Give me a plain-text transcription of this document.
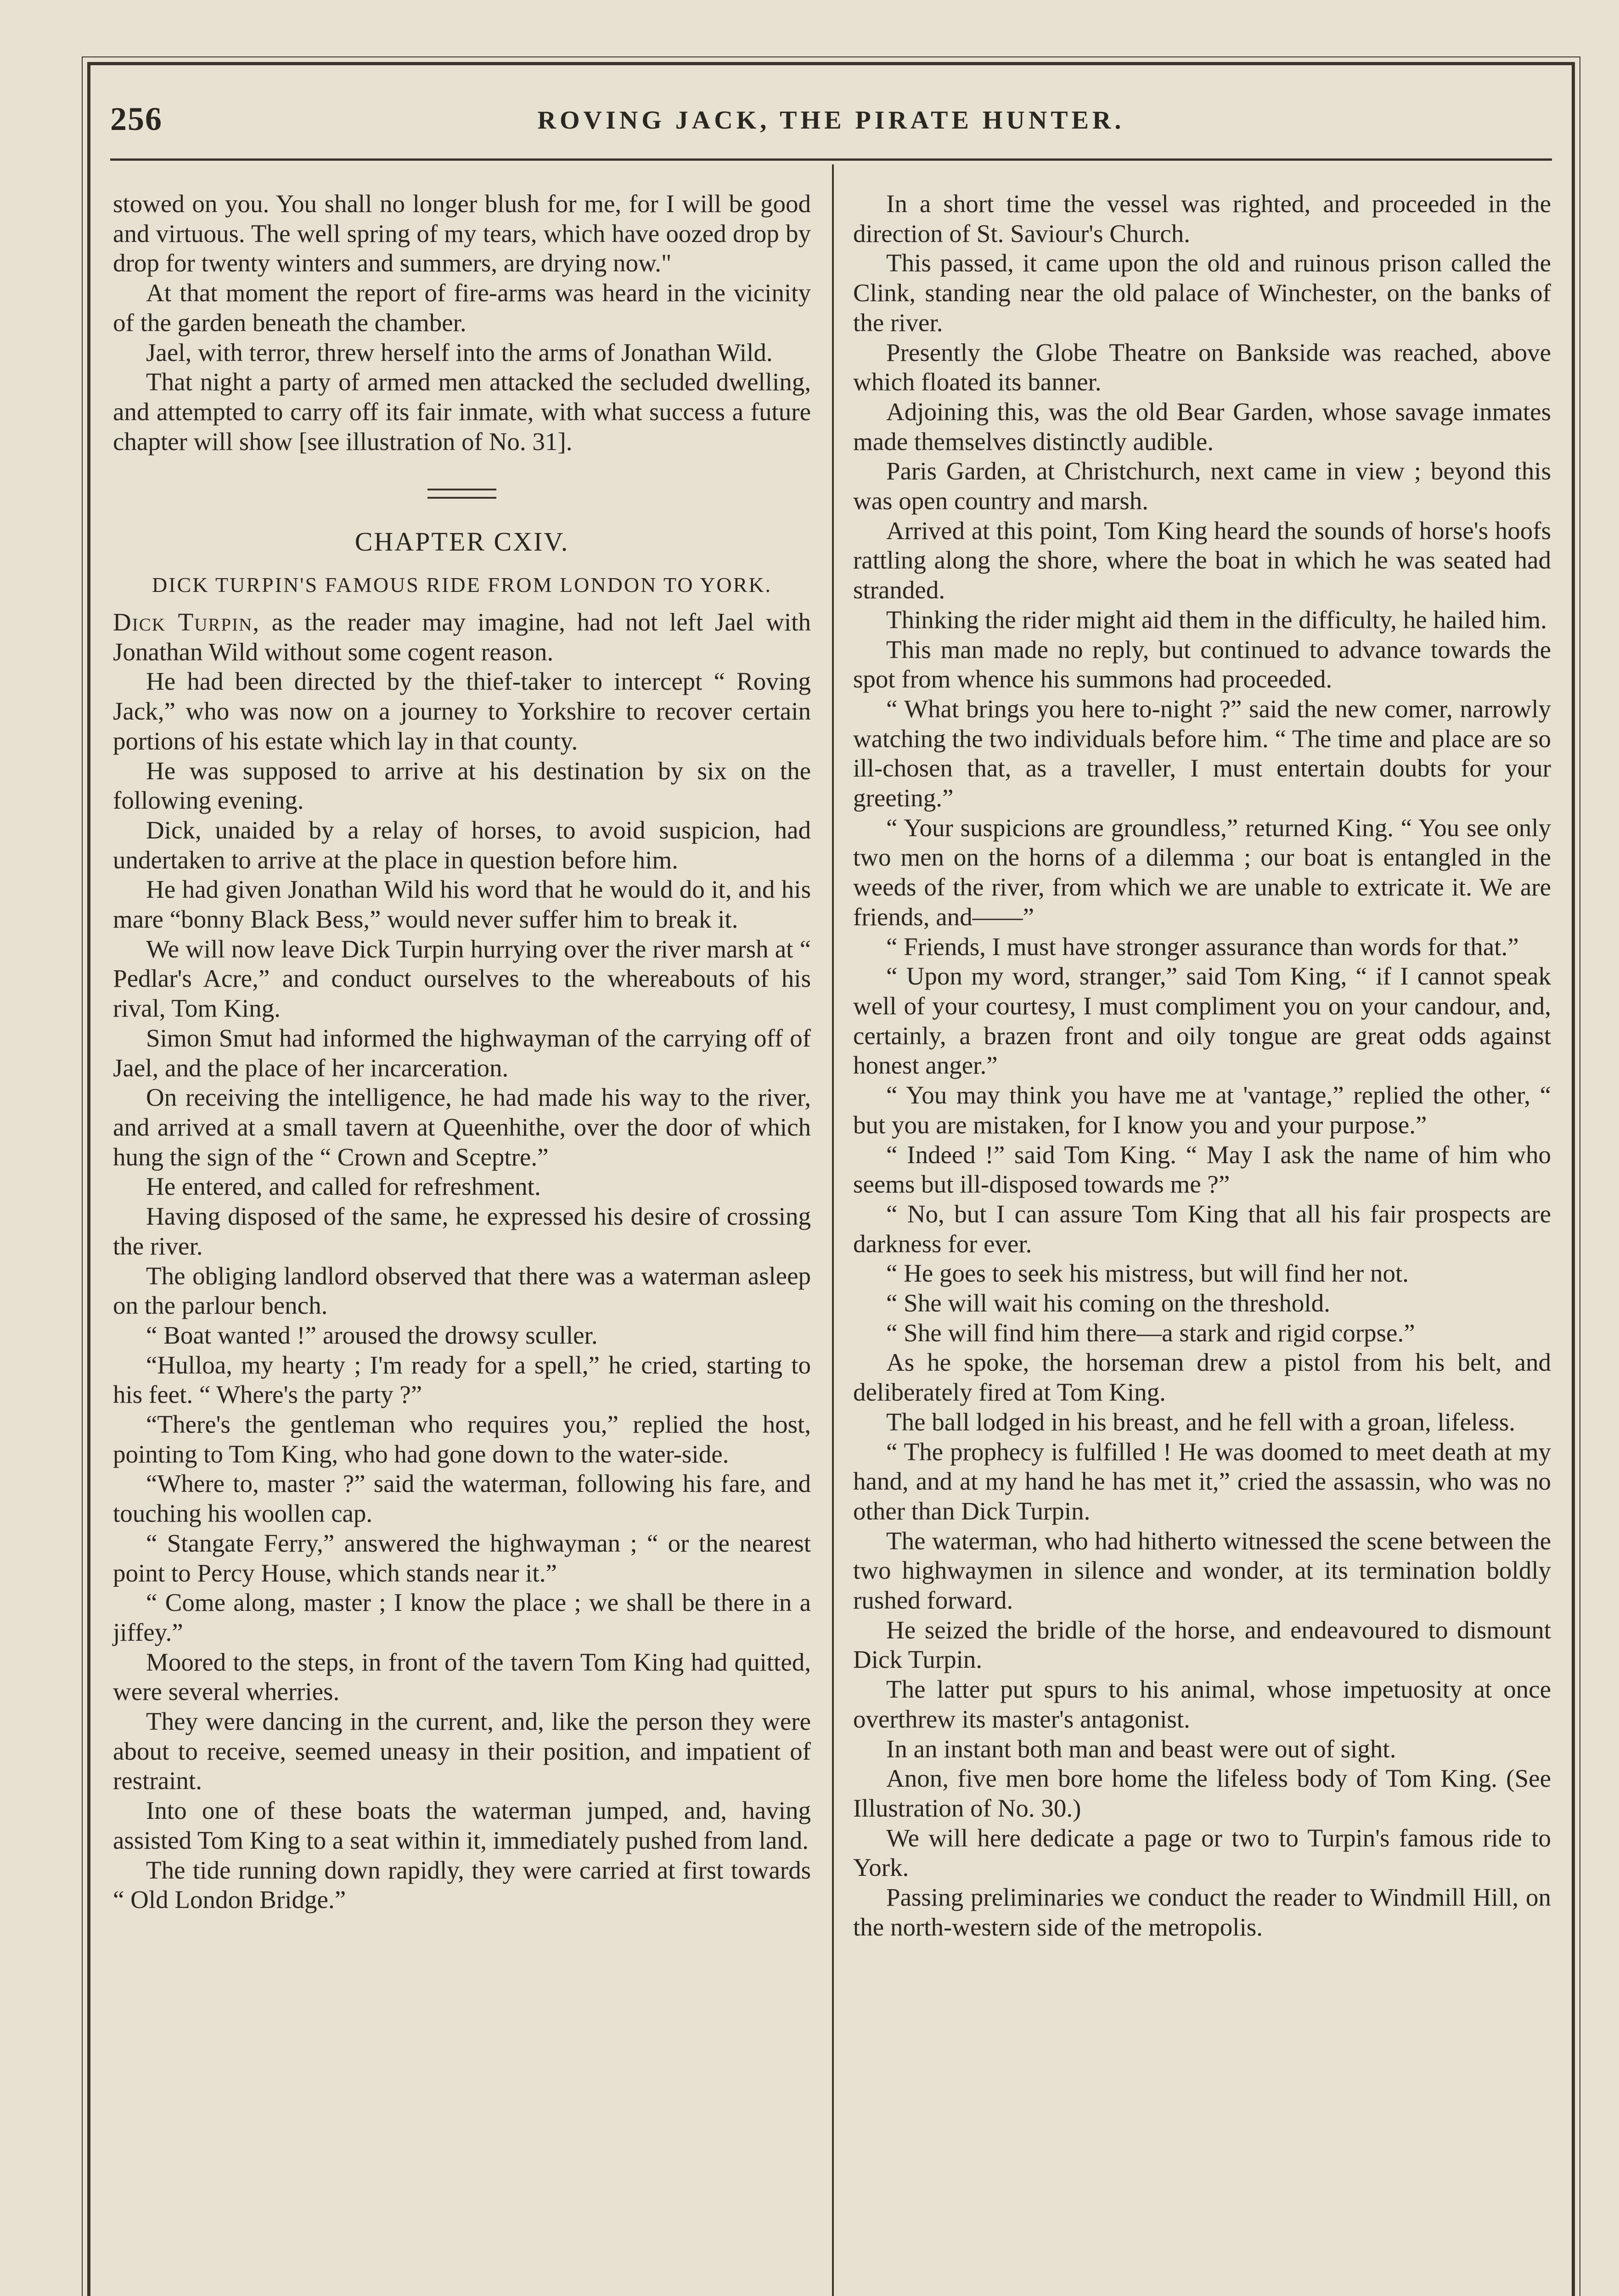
256	ROVING JACK, THE PIRATE HUNTER.

stowed on you. You shall no longer blush for me, for I will be good and virtuous. The well spring of my tears, which have oozed drop by drop for twenty winters and summers, are drying now."

At that moment the report of fire-arms was heard in the vicinity of the garden beneath the chamber.

Jael, with terror, threw herself into the arms of Jonathan Wild.

That night a party of armed men attacked the secluded dwelling, and attempted to carry off its fair inmate, with what success a future chapter will show [see illustration of No. 31].

CHAPTER CXIV.
DICK TURPIN'S FAMOUS RIDE FROM LONDON TO YORK.

Dick Turpin, as the reader may imagine, had not left Jael with Jonathan Wild without some cogent reason.

He had been directed by the thief-taker to intercept “ Roving Jack,” who was now on a journey to Yorkshire to recover certain portions of his estate which lay in that county.

He was supposed to arrive at his destination by six on the following evening.

Dick, unaided by a relay of horses, to avoid suspicion, had undertaken to arrive at the place in question before him.

He had given Jonathan Wild his word that he would do it, and his mare “bonny Black Bess,” would never suffer him to break it.

We will now leave Dick Turpin hurrying over the river marsh at “ Pedlar's Acre,” and conduct ourselves to the whereabouts of his rival, Tom King.

Simon Smut had informed the highwayman of the carrying off of Jael, and the place of her incarceration.

On receiving the intelligence, he had made his way to the river, and arrived at a small tavern at Queenhithe, over the door of which hung the sign of the “ Crown and Sceptre.”

He entered, and called for refreshment.

Having disposed of the same, he expressed his desire of crossing the river.

The obliging landlord observed that there was a waterman asleep on the parlour bench.

“ Boat wanted !” aroused the drowsy sculler.

“Hulloa, my hearty ; I'm ready for a spell,” he cried, starting to his feet. “ Where's the party ?”

“There's the gentleman who requires you,” replied the host, pointing to Tom King, who had gone down to the water-side.

“Where to, master ?” said the waterman, following his fare, and touching his woollen cap.

“ Stangate Ferry,” answered the highwayman ; “ or the nearest point to Percy House, which stands near it.”

“ Come along, master ; I know the place ; we shall be there in a jiffey.”

Moored to the steps, in front of the tavern Tom King had quitted, were several wherries.

They were dancing in the current, and, like the person they were about to receive, seemed uneasy in their position, and impatient of restraint.

Into one of these boats the waterman jumped, and, having assisted Tom King to a seat within it, immediately pushed from land.

The tide running down rapidly, they were carried at first towards “ Old London Bridge.”

In a short time the vessel was righted, and proceeded in the direction of St. Saviour's Church.

This passed, it came upon the old and ruinous prison called the Clink, standing near the old palace of Winchester, on the banks of the river.

Presently the Globe Theatre on Bankside was reached, above which floated its banner.

Adjoining this, was the old Bear Garden, whose savage inmates made themselves distinctly audible.

Paris Garden, at Christchurch, next came in view ; beyond this was open country and marsh.

Arrived at this point, Tom King heard the sounds of horse's hoofs rattling along the shore, where the boat in which he was seated had stranded.

Thinking the rider might aid them in the difficulty, he hailed him.

This man made no reply, but continued to advance towards the spot from whence his summons had proceeded.

“ What brings you here to-night ?” said the new comer, narrowly watching the two individuals before him. “ The time and place are so ill-chosen that, as a traveller, I must entertain doubts for your greeting.”

“ Your suspicions are groundless,” returned King. “ You see only two men on the horns of a dilemma ; our boat is entangled in the weeds of the river, from which we are unable to extricate it. We are friends, and——”

“ Friends, I must have stronger assurance than words for that.”

“ Upon my word, stranger,” said Tom King, “ if I cannot speak well of your courtesy, I must compliment you on your candour, and, certainly, a brazen front and oily tongue are great odds against honest anger.”

“ You may think you have me at 'vantage,” replied the other, “ but you are mistaken, for I know you and your purpose.”

“ Indeed !” said Tom King. “ May I ask the name of him who seems but ill-disposed towards me ?”

“ No, but I can assure Tom King that all his fair prospects are darkness for ever.

“ He goes to seek his mistress, but will find her not.

“ She will wait his coming on the threshold.

“ She will find him there—a stark and rigid corpse.”

As he spoke, the horseman drew a pistol from his belt, and deliberately fired at Tom King.

The ball lodged in his breast, and he fell with a groan, lifeless.

“ The prophecy is fulfilled ! He was doomed to meet death at my hand, and at my hand he has met it,” cried the assassin, who was no other than Dick Turpin.

The waterman, who had hitherto witnessed the scene between the two highwaymen in silence and wonder, at its termination boldly rushed forward.

He seized the bridle of the horse, and endeavoured to dismount Dick Turpin.

The latter put spurs to his animal, whose impetuosity at once overthrew its master's antagonist.

In an instant both man and beast were out of sight.

Anon, five men bore home the lifeless body of Tom King. (See Illustration of No. 30.)

We will here dedicate a page or two to Turpin's famous ride to York.

Passing preliminaries we conduct the reader to Windmill Hill, on the north-western side of the metropolis.
